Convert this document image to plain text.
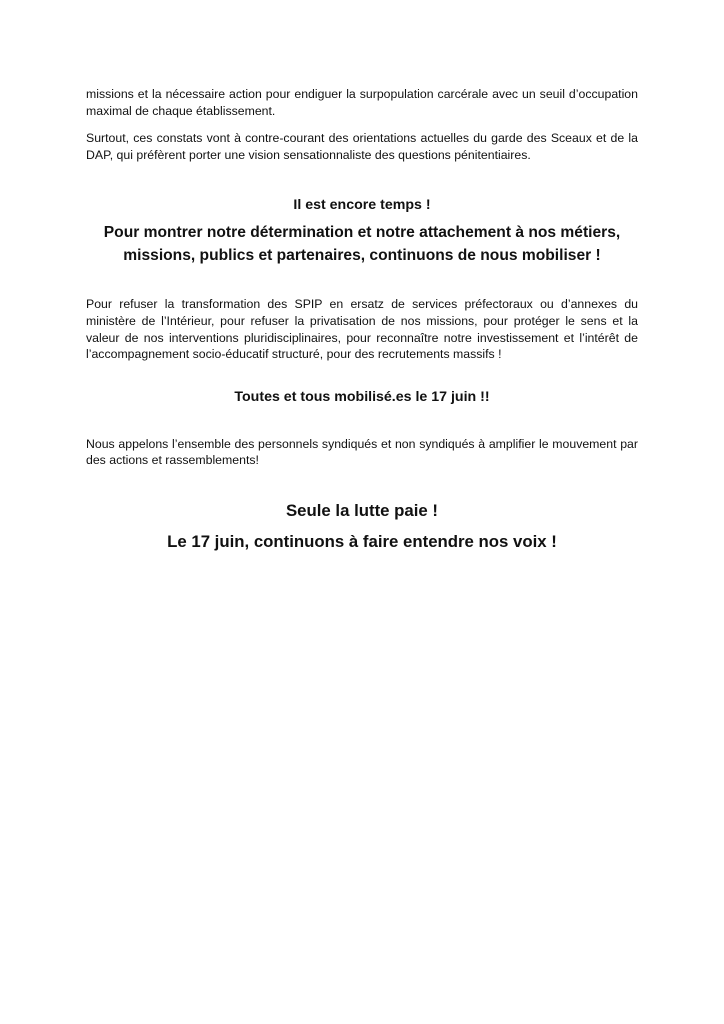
missions et la nécessaire action pour endiguer la surpopulation carcérale avec un seuil d’occupation maximal de chaque établissement.

Surtout, ces constats vont à contre-courant des orientations actuelles du garde des Sceaux et de la DAP, qui préfèrent porter une vision sensationnaliste des questions pénitentiaires.

Il est encore temps !

Pour montrer notre détermination et notre attachement à nos métiers,

missions, publics et partenaires, continuons de nous mobiliser !

Pour refuser la transformation des SPIP en ersatz de services préfectoraux ou d’annexes du ministère de l’Intérieur, pour refuser la privatisation de nos missions, pour protéger le sens et la valeur de nos interventions pluridisciplinaires, pour reconnaître notre investissement et l’intérêt de l’accompagnement socio-éducatif structuré, pour des recrutements massifs !

Toutes et tous mobilisé.es le 17 juin !!

Nous appelons l’ensemble des personnels syndiqués et non syndiqués à amplifier le mouvement par des actions et rassemblements!

Seule la lutte paie !

Le 17 juin, continuons à faire entendre nos voix !
